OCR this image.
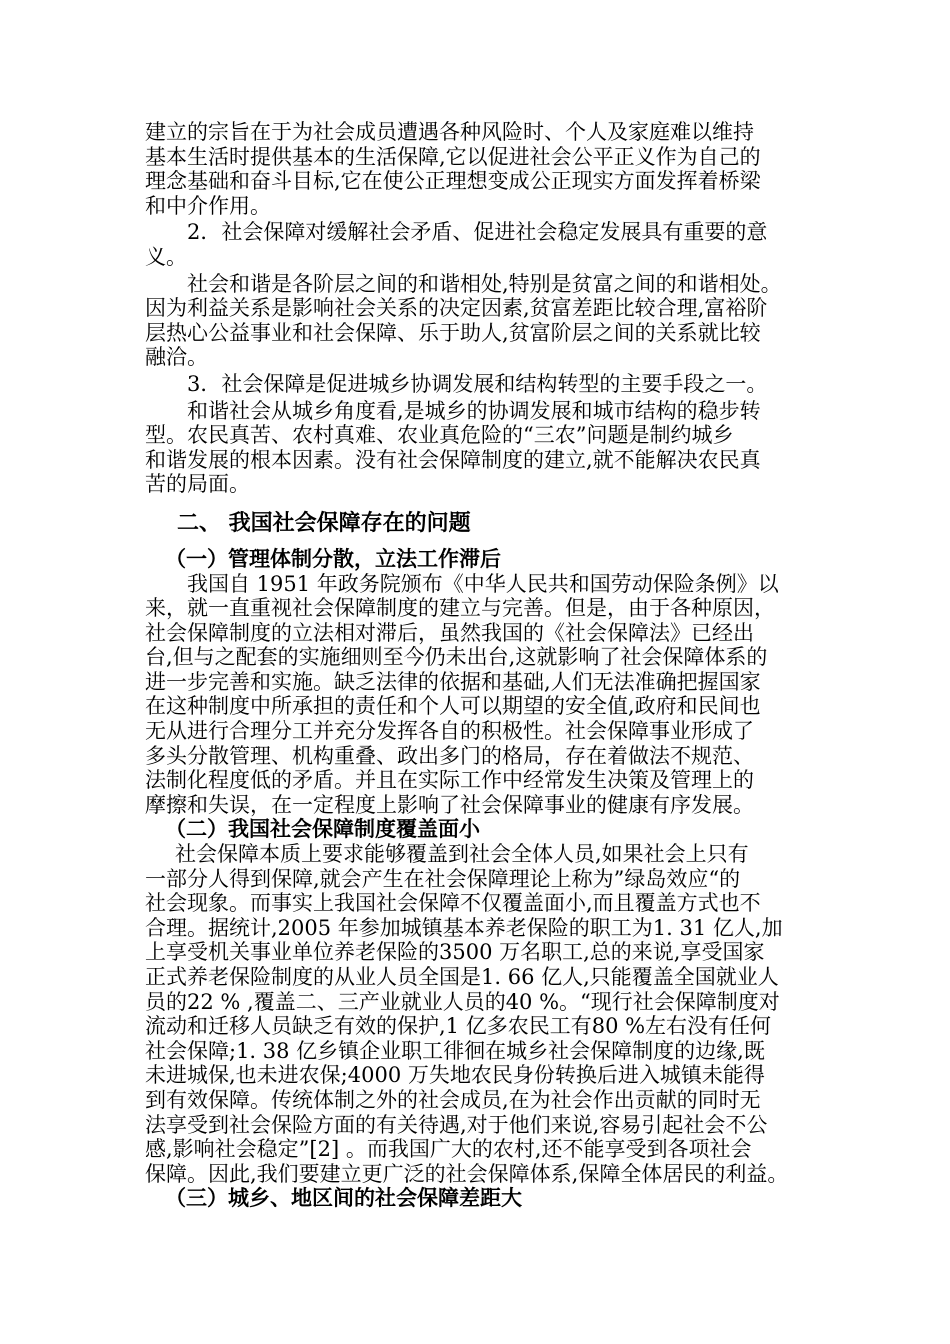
建立的宗旨在于为社会成员遭遇各种风险时、个人及家庭难以维持
基本生活时提供基本的生活保障,它以促进社会公平正义作为自己的
理念基础和奋斗目标,它在使公正理想变成公正现实方面发挥着桥梁
和中介作用。
2．社会保障对缓解社会矛盾、促进社会稳定发展具有重要的意
义。
社会和谐是各阶层之间的和谐相处,特别是贫富之间的和谐相处。
因为利益关系是影响社会关系的决定因素,贫富差距比较合理,富裕阶
层热心公益事业和社会保障、乐于助人,贫富阶层之间的关系就比较
融洽。
3．社会保障是促进城乡协调发展和结构转型的主要手段之一。
和谐社会从城乡角度看,是城乡的协调发展和城市结构的稳步转
型。农民真苦、农村真难、农业真危险的“三农”问题是制约城乡
和谐发展的根本因素。没有社会保障制度的建立,就不能解决农民真
苦的局面。
二、 我国社会保障存在的问题
（一）管理体制分散，立法工作滞后
我国自 1951 年政务院颁布《中华人民共和国劳动保险条例》以
来，就一直重视社会保障制度的建立与完善。但是，由于各种原因，
社会保障制度的立法相对滞后，虽然我国的《社会保障法》已经出
台,但与之配套的实施细则至今仍未出台,这就影响了社会保障体系的
进一步完善和实施。缺乏法律的依据和基础,人们无法准确把握国家
在这种制度中所承担的责任和个人可以期望的安全值,政府和民间也
无从进行合理分工并充分发挥各自的积极性。社会保障事业形成了
多头分散管理、机构重叠、政出多门的格局，存在着做法不规范、
法制化程度低的矛盾。并且在实际工作中经常发生决策及管理上的
摩擦和失误，在一定程度上影响了社会保障事业的健康有序发展。
（二）我国社会保障制度覆盖面小
社会保障本质上要求能够覆盖到社会全体人员,如果社会上只有
一部分人得到保障,就会产生在社会保障理论上称为”绿岛效应“的
社会现象。而事实上我国社会保障不仅覆盖面小,而且覆盖方式也不
合理。据统计,2005 年参加城镇基本养老保险的职工为1. 31 亿人,加
上享受机关事业单位养老保险的3500 万名职工,总的来说,享受国家
正式养老保险制度的从业人员全国是1. 66 亿人,只能覆盖全国就业人
员的22 % ,覆盖二、三产业就业人员的40 %。“现行社会保障制度对
流动和迁移人员缺乏有效的保护,1 亿多农民工有80 %左右没有任何
社会保障;1. 38 亿乡镇企业职工徘徊在城乡社会保障制度的边缘,既
未进城保,也未进农保;4000 万失地农民身份转换后进入城镇未能得
到有效保障。传统体制之外的社会成员,在为社会作出贡献的同时无
法享受到社会保险方面的有关待遇,对于他们来说,容易引起社会不公
感,影响社会稳定”[2] 。而我国广大的农村,还不能享受到各项社会
保障。因此,我们要建立更广泛的社会保障体系,保障全体居民的利益。
（三）城乡、地区间的社会保障差距大
